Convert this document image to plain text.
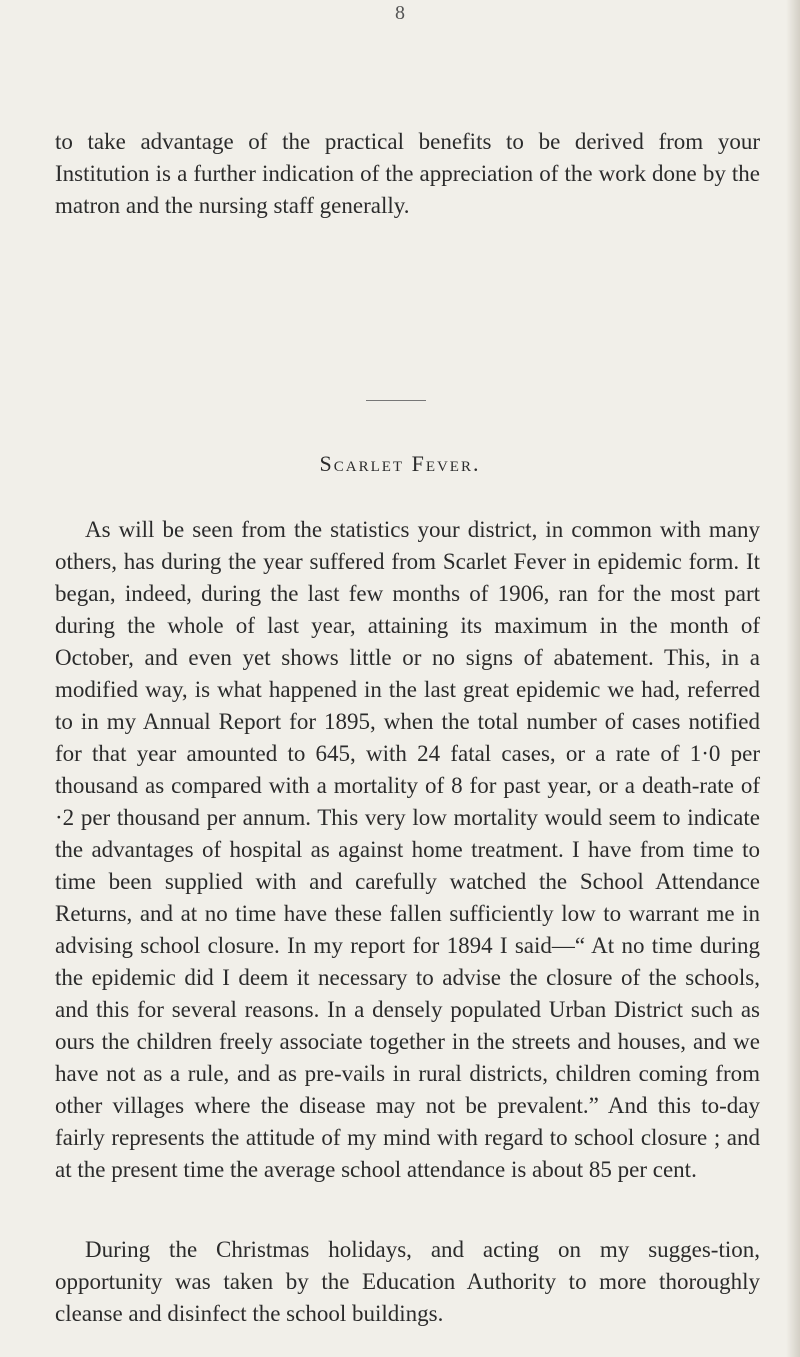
8
to take advantage of the practical benefits to be derived from your Institution is a further indication of the appreciation of the work done by the matron and the nursing staff generally.
Scarlet Fever.
As will be seen from the statistics your district, in common with many others, has during the year suffered from Scarlet Fever in epidemic form. It began, indeed, during the last few months of 1906, ran for the most part during the whole of last year, attaining its maximum in the month of October, and even yet shows little or no signs of abatement. This, in a modified way, is what happened in the last great epidemic we had, referred to in my Annual Report for 1895, when the total number of cases notified for that year amounted to 645, with 24 fatal cases, or a rate of 1·0 per thousand as compared with a mortality of 8 for past year, or a death-rate of ·2 per thousand per annum. This very low mortality would seem to indicate the advantages of hospital as against home treatment. I have from time to time been supplied with and carefully watched the School Attendance Returns, and at no time have these fallen sufficiently low to warrant me in advising school closure. In my report for 1894 I said—“ At no time during the epidemic did I deem it necessary to advise the closure of the schools, and this for several reasons. In a densely populated Urban District such as ours the children freely associate together in the streets and houses, and we have not as a rule, and as pre-vails in rural districts, children coming from other villages where the disease may not be prevalent.” And this to-day fairly represents the attitude of my mind with regard to school closure ; and at the present time the average school attendance is about 85 per cent.
During the Christmas holidays, and acting on my sugges-tion, opportunity was taken by the Education Authority to more thoroughly cleanse and disinfect the school buildings.
